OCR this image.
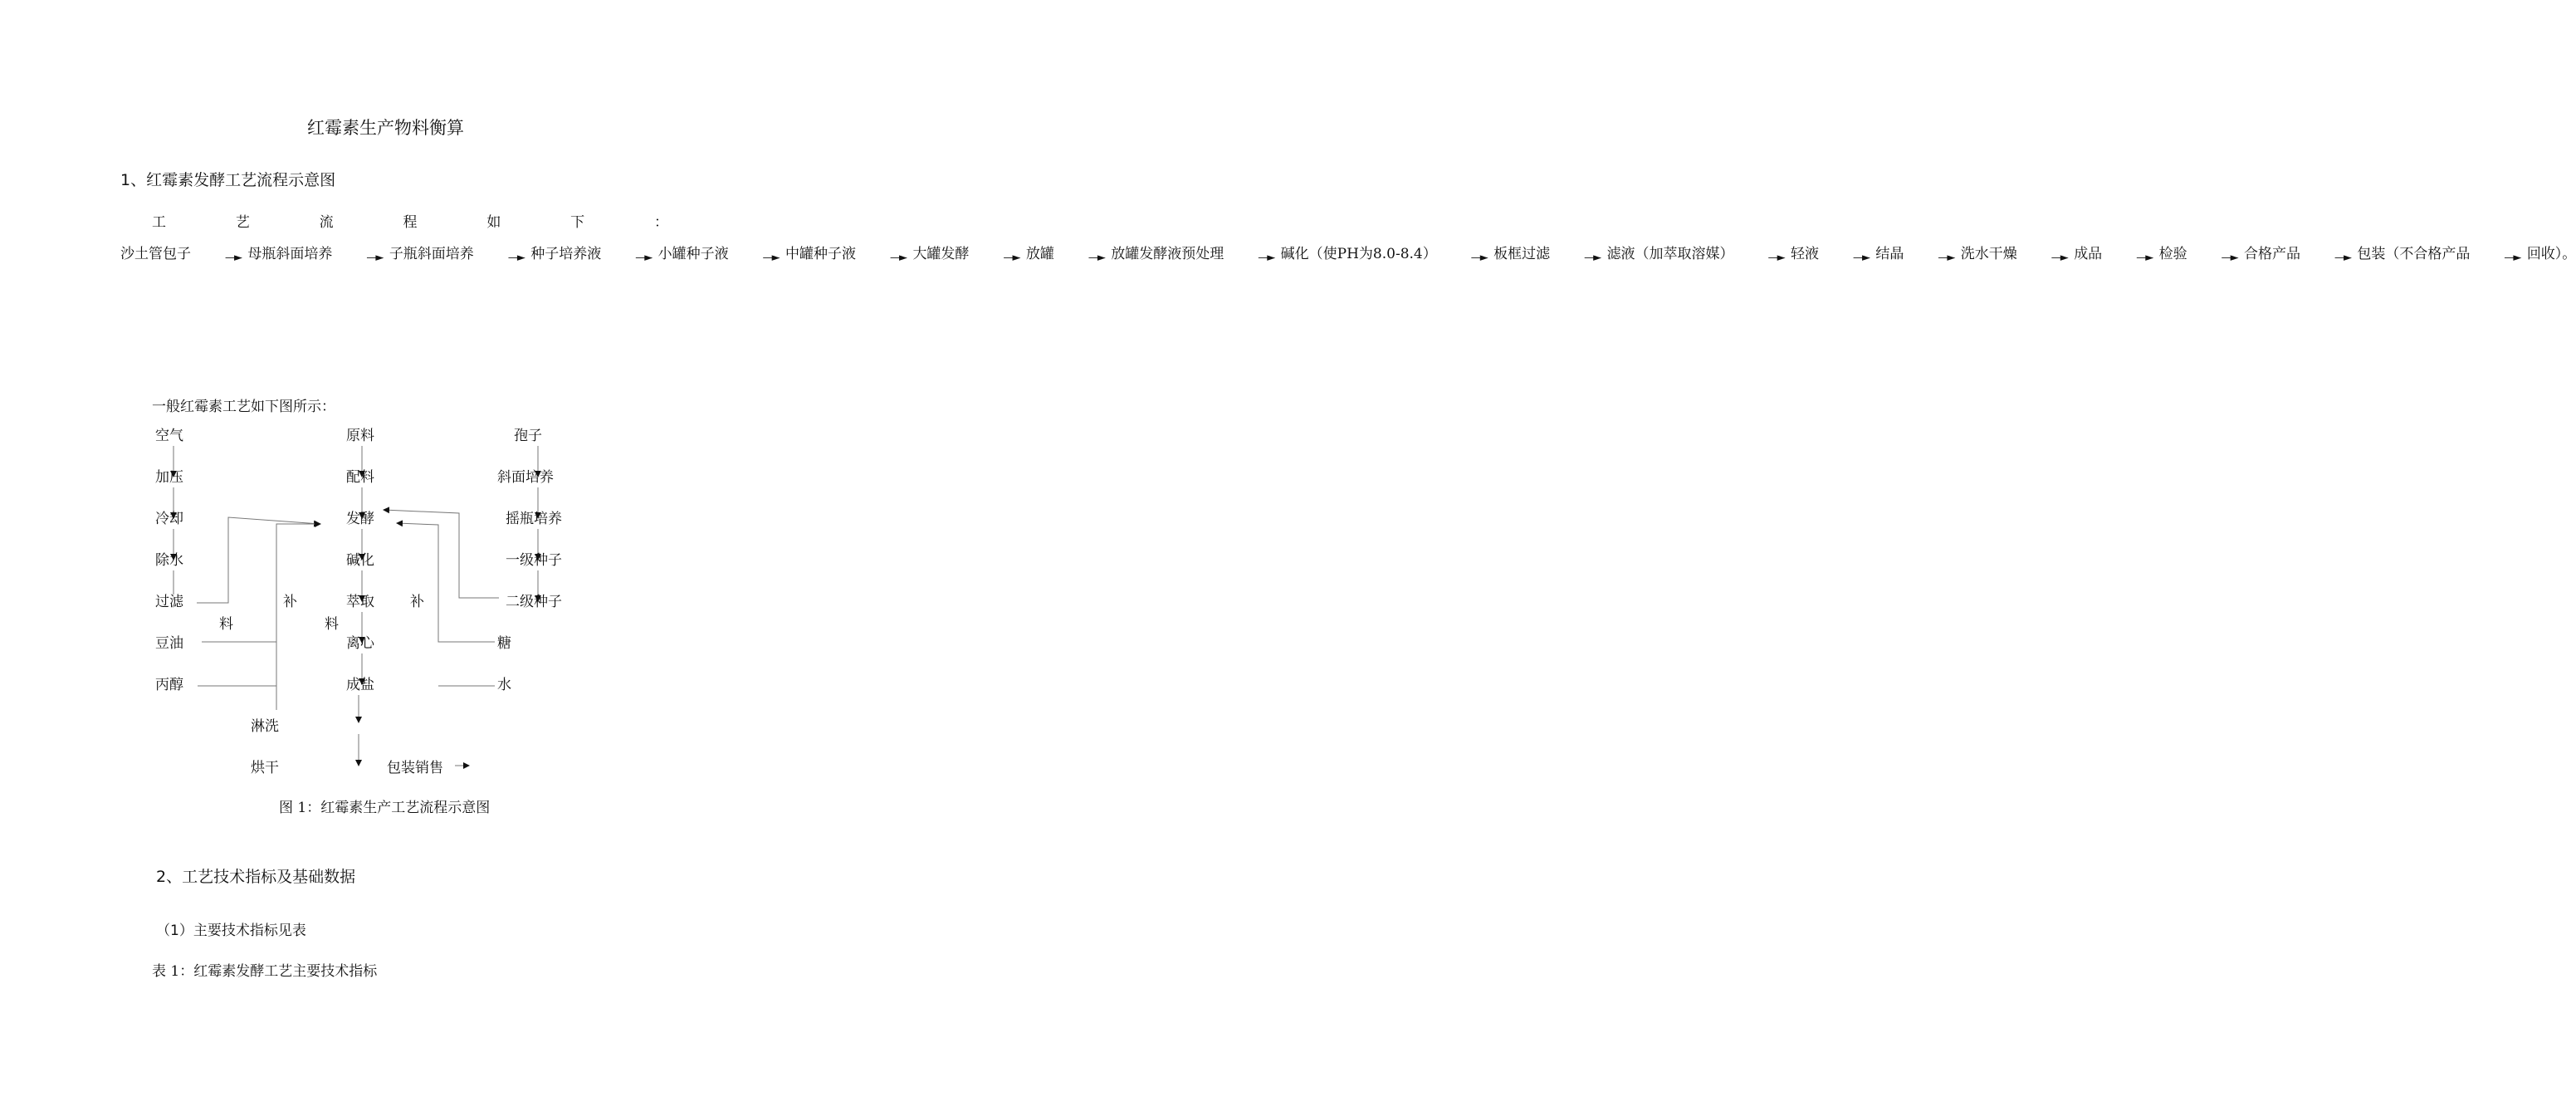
红霉素生产物料衡算
1、红霉素发酵工艺流程示意图
工艺流程如下： 沙土管包子	—► 母瓶斜面培养	—► 子瓶斜面培养	—► 种子培养液	—► 小罐种子液	—► 中罐种子液	—► 大罐发酵	—► 放罐	—► 放罐发酵液预处理	—► 碱化（使PH为8.0-8.4）	—► 板框过滤	—► 滤液（加萃取溶媒）	—► 轻液	—► 结晶	—► 洗水干燥	—► 成品	—► 检验	—► 合格产品	—► 包装（不合格产品	—► 回收）。
一般红霉素工艺如下图所示：
空气
加压
冷却
除水
过滤
原料
配料
发酵
碱化
萃取
离心
成盐
孢子
斜面培养
摇瓶培养
一级种子
二级种子
豆油
丙醇
糖
水
淋洗
烘干	包装销售
补
料
补
料
图 1：红霉素生产工艺流程示意图
2、工艺技术指标及基础数据
（1）主要技术指标见表
表 1：红霉素发酵工艺主要技术指标
